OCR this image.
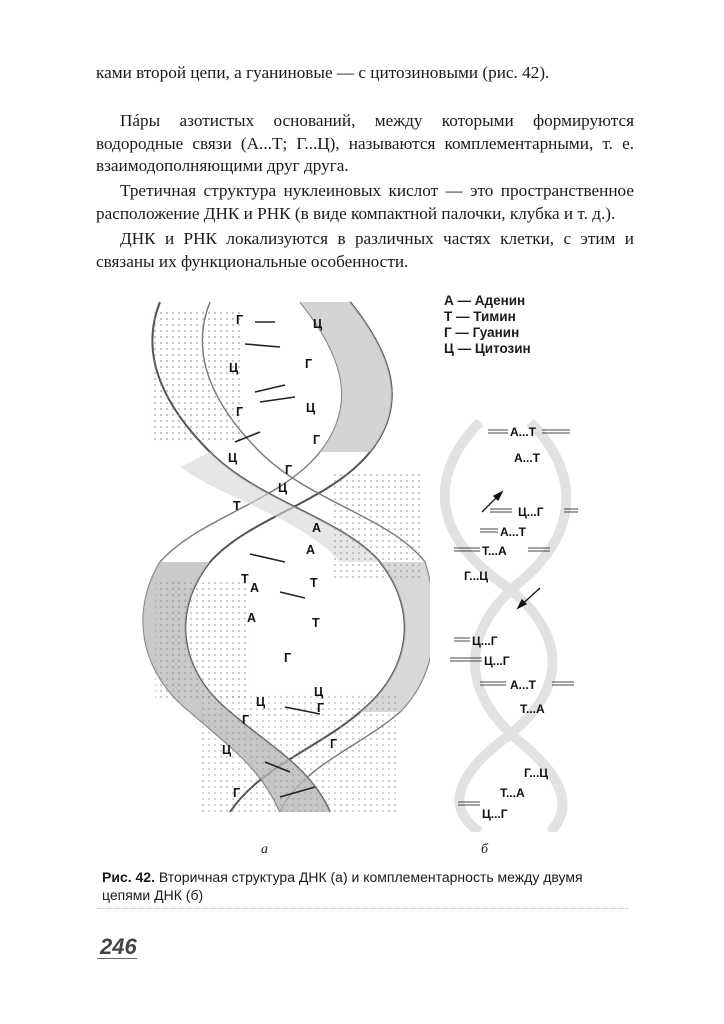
ками второй цепи, а гуаниновые — с цитозиновыми (рис. 42).

Пáры азотистых оснований, между которыми формируются водородные связи (А...Т; Г...Ц), называются комплементарными, т. е. взаимодополняющими друг друга.

Третичная структура нуклеиновых кислот — это пространственное расположение ДНК и РНК (в виде компактной палочки, клубка и т. д.).

ДНК и РНК локализуются в различных частях клетки, с этим и связаны их функциональные особенности.

Г	Ц
Ц	Г
Г	Ц
Г
Ц
Г
Ц
Т
А
А
Т
А	Т
А	Т
Г
Ц
Г
Г
Ц
Ц	Г
Г
А — Аденин
Т — Тимин
Г — Гуанин
Ц — Цитозин
А...Т
А...Т
Ц...Г
А...Т
Т...А
Г...Ц
Ц...Г
Ц...Г
А...Т
Т...А
Г...Ц
Т...А
Ц...Г
а	б
Рис. 42. Вторичная структура ДНК (а) и комплементарность между двумя цепями ДНК (б)
246
